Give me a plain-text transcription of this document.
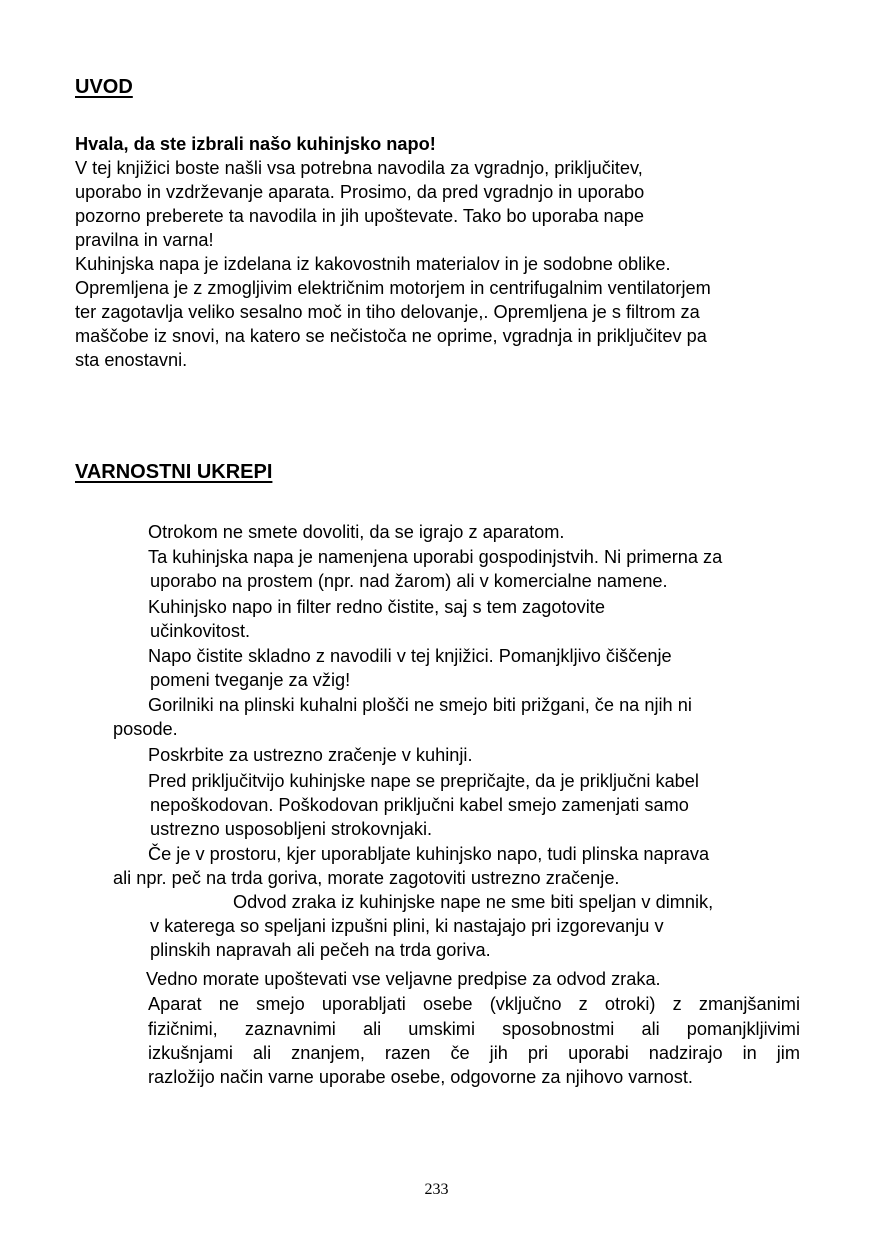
UVOD
Hvala, da ste izbrali našo kuhinjsko napo!
V tej knjižici boste našli vsa potrebna navodila za vgradnjo, priključitev,
uporabo in vzdrževanje aparata. Prosimo, da pred vgradnjo in uporabo
pozorno preberete ta navodila in jih upoštevate. Tako bo uporaba nape
pravilna in varna!
Kuhinjska napa je izdelana iz kakovostnih materialov in je sodobne oblike.
Opremljena je z zmogljivim električnim motorjem in centrifugalnim ventilatorjem
ter zagotavlja veliko sesalno moč in tiho delovanje,. Opremljena je s filtrom za
maščobe iz snovi, na katero se nečistoča ne oprime, vgradnja in priključitev pa
sta enostavni.
VARNOSTNI UKREPI
Otrokom ne smete dovoliti, da se igrajo z aparatom.
Ta kuhinjska napa je namenjena uporabi gospodinjstvih. Ni primerna za
uporabo na prostem (npr. nad žarom) ali v komercialne namene.
Kuhinjsko napo in filter redno čistite, saj s tem zagotovite
učinkovitost.
Napo čistite skladno z navodili v tej knjižici. Pomanjkljivo čiščenje
pomeni tveganje za vžig!
Gorilniki na plinski kuhalni plošči ne smejo biti prižgani, če na njih ni
posode.
Poskrbite za ustrezno zračenje v kuhinji.
Pred priključitvijo kuhinjske nape se prepričajte, da je priključni kabel
nepoškodovan. Poškodovan priključni kabel smejo zamenjati samo
ustrezno usposobljeni strokovnjaki.
Če je v prostoru, kjer uporabljate kuhinjsko napo, tudi plinska naprava
ali npr. peč na trda goriva, morate zagotoviti ustrezno zračenje.
Odvod zraka iz kuhinjske nape ne sme biti speljan v dimnik,
v katerega so speljani izpušni plini, ki nastajajo pri izgorevanju v
plinskih napravah ali pečeh na trda goriva.
Vedno morate upoštevati vse veljavne predpise za odvod zraka.
Aparat ne smejo uporabljati osebe (vključno z otroki) z zmanjšanimi
fizičnimi, zaznavnimi ali umskimi sposobnostmi ali pomanjkljivimi
izkušnjami ali znanjem, razen če jih pri uporabi nadzirajo in jim
razložijo način varne uporabe osebe, odgovorne za njihovo varnost.
233
